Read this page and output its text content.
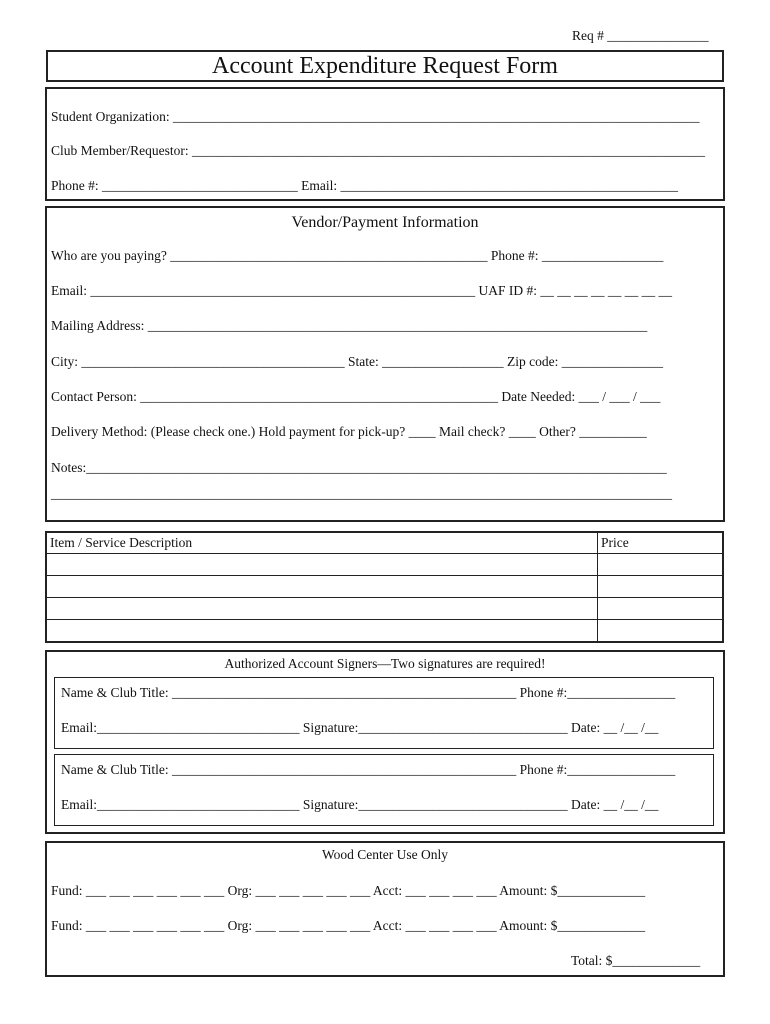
Req # _______________
Account Expenditure Request Form
Student Organization: ______________________________________________________________________________
Club Member/Requestor: ____________________________________________________________________________
Phone #: _____________________________ Email: __________________________________________________
Vendor/Payment Information
Who are you paying? _______________________________________________ Phone #: __________________
Email: _________________________________________________________ UAF ID #: __ __ __ __ __ __ __ __
Mailing Address: __________________________________________________________________________
City: _______________________________________ State: __________________ Zip code: _______________
Contact Person: _____________________________________________________ Date Needed: ___ / ___ / ___
Delivery Method: (Please check one.) Hold payment for pick-up? ____ Mail check? ____ Other? __________
Notes:______________________________________________________________________________________
____________________________________________________________________________________________
Item / Service Description	Price

Authorized Account Signers—Two signatures are required!
Name & Club Title: ___________________________________________________ Phone #:________________
Email:______________________________ Signature:_______________________________ Date: __ /__ /__
Name & Club Title: ___________________________________________________ Phone #:________________
Email:______________________________ Signature:_______________________________ Date: __ /__ /__
Wood Center Use Only
Fund: ___ ___ ___ ___ ___ ___ Org: ___ ___ ___ ___ ___ Acct: ___ ___ ___ ___ Amount: $_____________
Fund: ___ ___ ___ ___ ___ ___ Org: ___ ___ ___ ___ ___ Acct: ___ ___ ___ ___ Amount: $_____________
Total: $_____________
